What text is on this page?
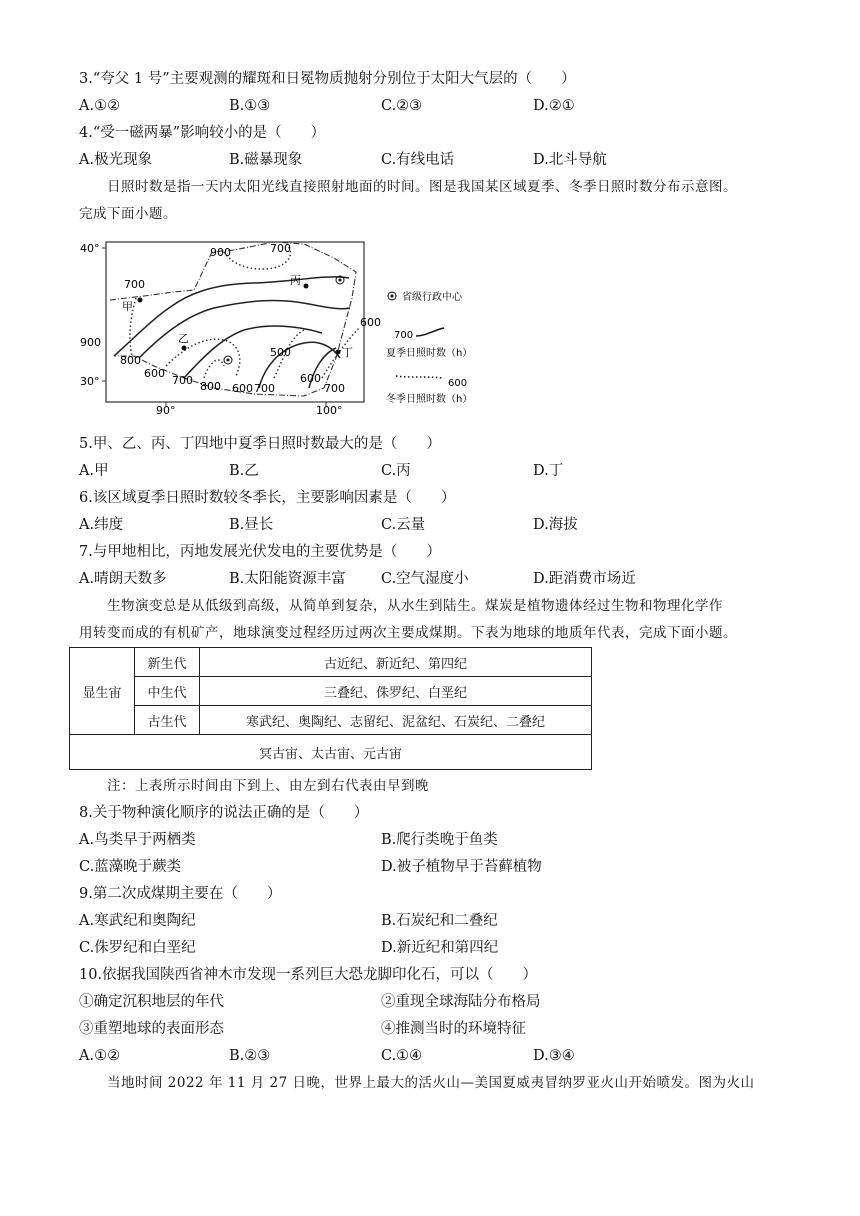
3.“夸父 1 号”主要观测的耀斑和日冕物质抛射分别位于太阳大气层的（　　）
A.①②	B.①③	C.②③	D.②①
4.“受一磁两暴”影响较小的是（　　）
A.极光现象	B.磁暴现象	C.有线电话	D.北斗导航
日照时数是指一天内太阳光线直接照射地面的时间。图是我国某区域夏季、冬季日照时数分布示意图。
完成下面小题。
40°
30°
90°	100°
900	700
700
900
800
600
700 800 600 700
500
600
700
600
甲
乙
丙
丁
省级行政中心
700
夏季日照时数（h）
600
冬季日照时数（h）
5.甲、乙、丙、丁四地中夏季日照时数最大的是（　　）
A.甲	B.乙	C.丙	D.丁
6.该区域夏季日照时数较冬季长，主要影响因素是（　　）
A.纬度	B.昼长	C.云量	D.海拔
7.与甲地相比，丙地发展光伏发电的主要优势是（　　）
A.晴朗天数多	B.太阳能资源丰富 C.空气湿度小	D.距消费市场近
生物演变总是从低级到高级，从简单到复杂，从水生到陆生。煤炭是植物遗体经过生物和物理化学作
用转变而成的有机矿产，地球演变过程经历过两次主要成煤期。下表为地球的地质年代表，完成下面小题。
显生宙	新生代	古近纪、新近纪、第四纪
	中生代	三叠纪、侏罗纪、白垩纪
	古生代	寒武纪、奥陶纪、志留纪、泥盆纪、石炭纪、二叠纪
冥古宙、太古宙、元古宙		
注：上表所示时间由下到上、由左到右代表由早到晚
8.关于物种演化顺序的说法正确的是（　　）
A.鸟类早于两栖类	B.爬行类晚于鱼类
C.蓝藻晚于蕨类	D.被子植物早于苔藓植物
9.第二次成煤期主要在（　　）
A.寒武纪和奥陶纪	B.石炭纪和二叠纪
C.侏罗纪和白垩纪	D.新近纪和第四纪
10.依据我国陕西省神木市发现一系列巨大恐龙脚印化石，可以（　　）
①确定沉积地层的年代	②重现全球海陆分布格局
③重塑地球的表面形态	④推测当时的环境特征
A.①②	B.②③	C.①④	D.③④
当地时间 2022 年 11 月 27 日晚，世界上最大的活火山—美国夏威夷冒纳罗亚火山开始喷发。图为火山
